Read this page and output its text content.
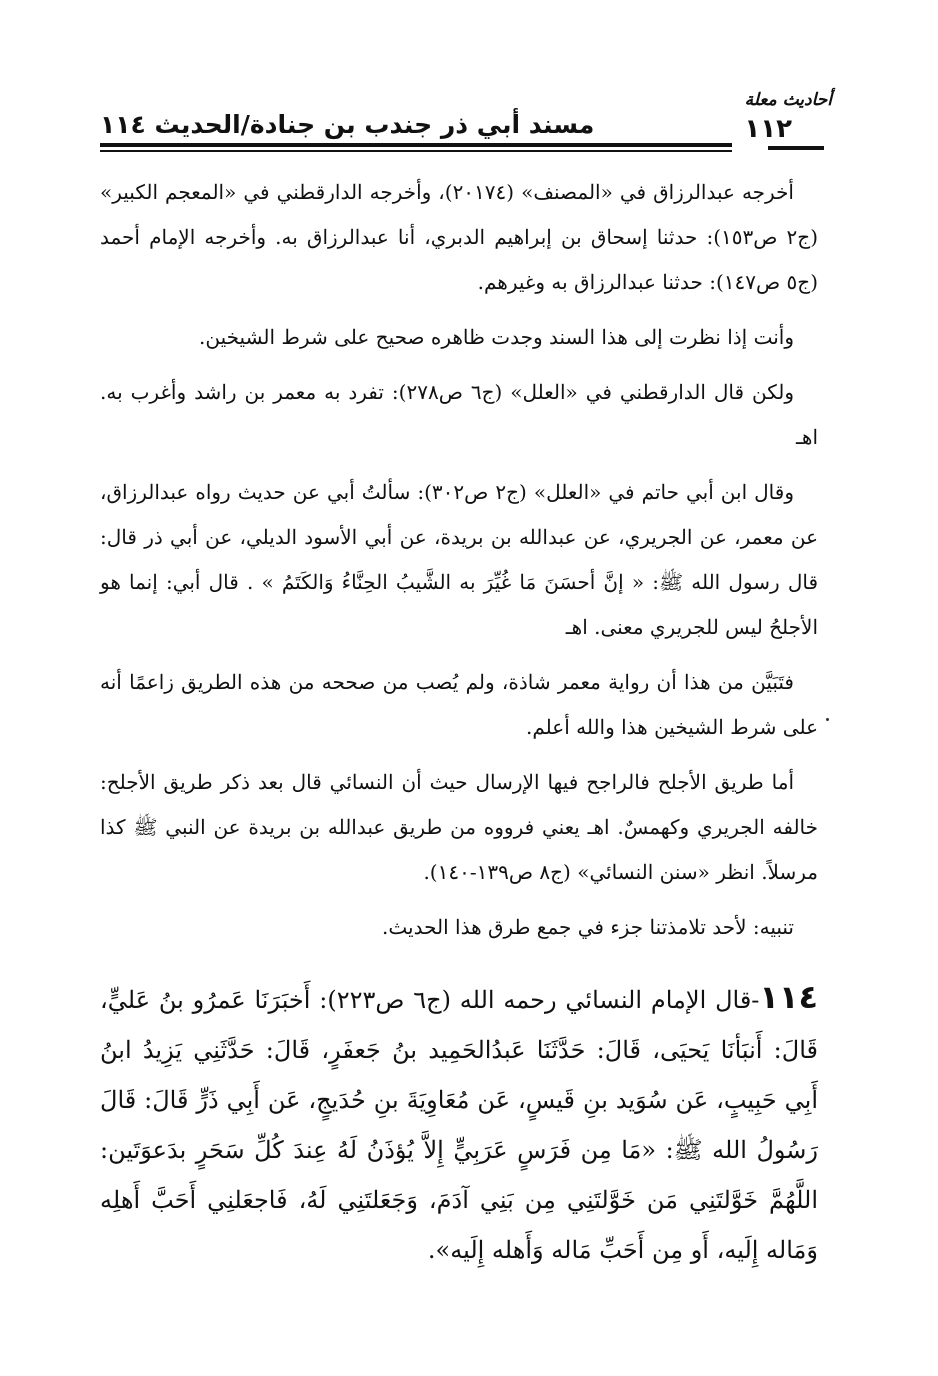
أحاديث معلة
١١٢
مسند أبي ذر جندب بن جنادة/الحديث ١١٤

أخرجه عبدالرزاق في «المصنف» (٢٠١٧٤)، وأخرجه الدارقطني في «المعجم الكبير» (ج٢ ص١٥٣): حدثنا إسحاق بن إبراهيم الدبري، أنا عبدالرزاق به. وأخرجه الإمام أحمد (ج٥ ص١٤٧): حدثنا عبدالرزاق به وغيرهم.

وأنت إذا نظرت إلى هذا السند وجدت ظاهره صحيح على شرط الشيخين.

ولكن قال الدارقطني في «العلل» (ج٦ ص٢٧٨): تفرد به معمر بن راشد وأغرب به. اهـ

وقال ابن أبي حاتم في «العلل» (ج٢ ص٣٠٢): سألتُ أبي عن حديث رواه عبدالرزاق، عن معمر، عن الجريري، عن عبدالله بن بريدة، عن أبي الأسود الديلي، عن أبي ذر قال: قال رسول الله ﷺ: « إنَّ أحسَنَ مَا غُيِّرَ به الشَّيبُ الحِنَّاءُ وَالكَتَمُ » . قال أبي: إنما هو الأجلحُ ليس للجريري معنى. اهـ

فتَبَيَّن من هذا أن رواية معمر شاذة، ولم يُصب من صححه من هذه الطريق زاعمًا أنه على شرط الشيخين هذا والله أعلم.

أما طريق الأجلح فالراجح فيها الإرسال حيث أن النسائي قال بعد ذكر طريق الأجلح: خالفه الجريري وكهمسٌ. اهـ يعني فرووه من طريق عبدالله بن بريدة عن النبي ﷺ كذا مرسلاً. انظر «سنن النسائي» (ج٨ ص١٣٩-١٤٠).

تنبيه: لأحد تلامذتنا جزء في جمع طرق هذا الحديث.

١١٤-قال الإمام النسائي رحمه الله (ج٦ ص٢٢٣): أَخبَرَنَا عَمرُو بنُ عَليٍّ، قَالَ: أَنبَأنَا يَحيَى، قَالَ: حَدَّثَنَا عَبدُالحَمِيد بنُ جَعفَرٍ، قَالَ: حَدَّثَنِي يَزِيدُ ابنُ أَبِي حَبِيبٍ، عَن سُوَيد بنِ قَيسٍ، عَن مُعَاوِيَةَ بنِ حُدَيجٍ، عَن أَبِي ذَرٍّ قَالَ: قَالَ رَسُولُ الله ﷺ: «مَا مِن فَرَسٍ عَرَبِيٍّ إِلاَّ يُؤذَنُ لَهُ عِندَ كُلِّ سَحَرٍ بدَعوَتَين: اللَّهُمَّ خَوَّلتَنِي مَن خَوَّلتَنِي مِن بَنِي آدَمَ، وَجَعَلتَنِي لَهُ، فَاجعَلنِي أَحَبَّ أَهلِه وَمَاله إِلَيه، أَو مِن أَحَبِّ مَاله وَأَهله إِلَيه».
